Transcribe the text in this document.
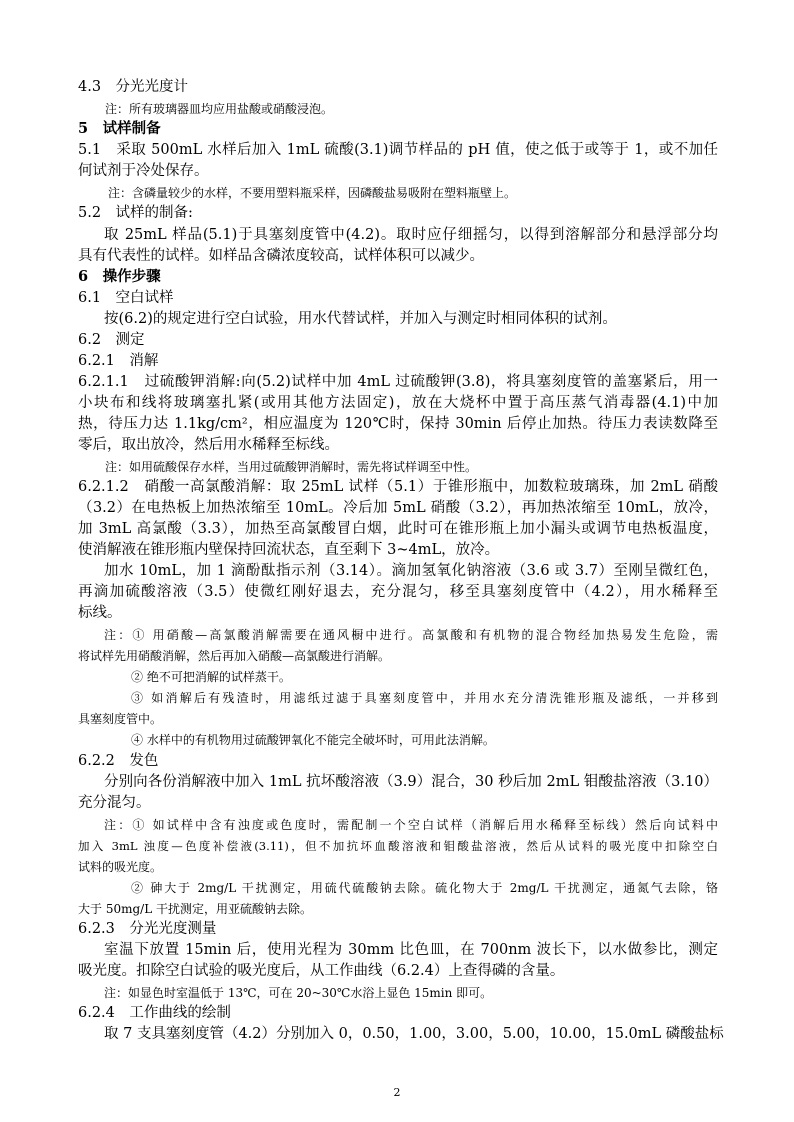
4.3　分光光度计
注：所有玻璃器皿均应用盐酸或硝酸浸泡。
5　试样制备
5.1　采取 500mL 水样后加入 1mL 硫酸(3.1)调节样品的 pH 值，使之低于或等于 1，或不加任
何试剂于冷处保存。
注：含磷量较少的水样，不要用塑料瓶采样，因磷酸盐易吸附在塑料瓶壁上。
5.2　试样的制备:
取 25mL 样品(5.1)于具塞刻度管中(4.2)。取时应仔细摇匀，以得到溶解部分和悬浮部分均
具有代表性的试样。如样品含磷浓度较高，试样体积可以减少。
6　操作步骤
6.1　空白试样
按(6.2)的规定进行空白试验，用水代替试样，并加入与测定时相同体积的试剂。
6.2　测定
6.2.1　消解
6.2.1.1　过硫酸钾消解:向(5.2)试样中加 4mL 过硫酸钾(3.8)，将具塞刻度管的盖塞紧后，用一
小块布和线将玻璃塞扎紧(或用其他方法固定)，放在大烧杯中置于高压蒸气消毒器(4.1)中加
热，待压力达 1.1kg/cm²，相应温度为 120℃时，保持 30min 后停止加热。待压力表读数降至
零后，取出放冷，然后用水稀释至标线。
注：如用硫酸保存水样，当用过硫酸钾消解时，需先将试样调至中性。
6.2.1.2　硝酸一高氯酸消解：取 25mL 试样（5.1）于锥形瓶中，加数粒玻璃珠，加 2mL 硝酸
（3.2）在电热板上加热浓缩至 10mL。冷后加 5mL 硝酸（3.2），再加热浓缩至 10mL，放冷，
加 3mL 高氯酸（3.3），加热至高氯酸冒白烟，此时可在锥形瓶上加小漏头或调节电热板温度，
使消解液在锥形瓶内壁保持回流状态，直至剩下 3~4mL，放冷。
加水 10mL，加 1 滴酚酞指示剂（3.14）。滴加氢氧化钠溶液（3.6 或 3.7）至刚呈微红色，
再滴加硫酸溶液（3.5）使微红刚好退去，充分混匀，移至具塞刻度管中（4.2），用水稀释至
标线。
注：① 用硝酸—高氯酸消解需要在通风橱中进行。高氯酸和有机物的混合物经加热易发生危险，需
将试样先用硝酸消解，然后再加入硝酸—高氯酸进行消解。
② 绝不可把消解的试样蒸干。
③ 如消解后有残渣时，用滤纸过滤于具塞刻度管中，并用水充分清洗锥形瓶及滤纸，一并移到
具塞刻度管中。
④ 水样中的有机物用过硫酸钾氧化不能完全破坏时，可用此法消解。
6.2.2　发色
分别向各份消解液中加入 1mL 抗坏酸溶液（3.9）混合，30 秒后加 2mL 钼酸盐溶液（3.10）
充分混匀。
注：① 如试样中含有浊度或色度时，需配制一个空白试样（消解后用水稀释至标线）然后向试料中
加入 3mL 浊度—色度补偿液(3.11)，但不加抗坏血酸溶液和钼酸盐溶液，然后从试料的吸光度中扣除空白
试料的吸光度。
② 砷大于 2mg/L 干扰测定，用硫代硫酸钠去除。硫化物大于 2mg/L 干扰测定，通氮气去除，铬
大于 50mg/L 干扰测定，用亚硫酸钠去除。
6.2.3　分光光度测量
室温下放置 15min 后，使用光程为 30mm 比色皿，在 700nm 波长下，以水做参比，测定
吸光度。扣除空白试验的吸光度后，从工作曲线（6.2.4）上查得磷的含量。
注：如显色时室温低于 13℃，可在 20~30℃水浴上显色 15min 即可。
6.2.4　工作曲线的绘制
取 7 支具塞刻度管（4.2）分别加入 0，0.50，1.00，3.00，5.00，10.00，15.0mL 磷酸盐标
2
